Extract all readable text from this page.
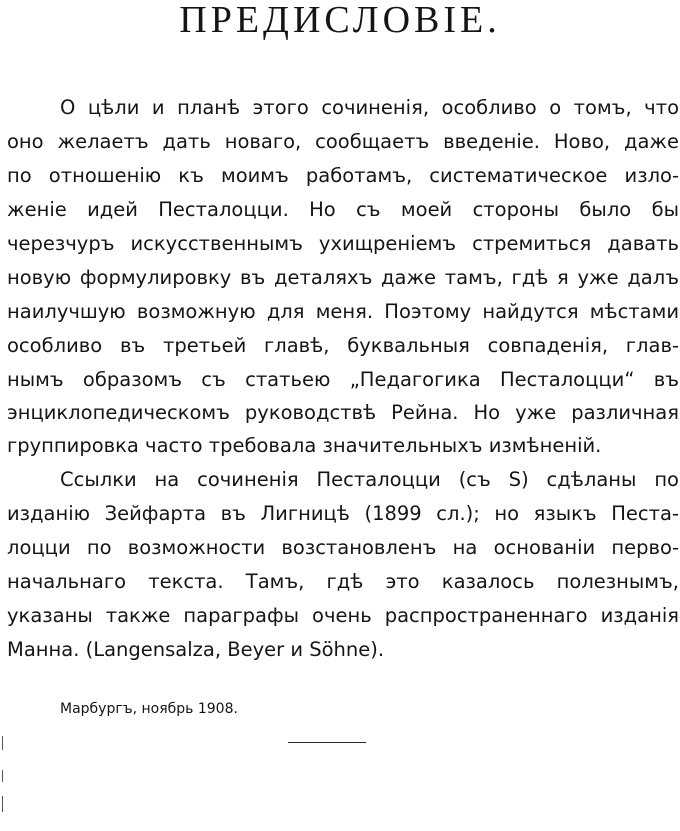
ПРЕДИСЛОВІЕ.
О цѣли и планѣ этого сочиненія, особливо о томъ, что
оно желаетъ дать новаго, сообщаетъ введеніе. Ново, даже
по отношенію къ моимъ работамъ, систематическое изло-
женіе идей Песталоцци. Но съ моей стороны было бы
черезчуръ искусственнымъ ухищреніемъ стремиться давать
новую формулировку въ деталяхъ даже тамъ, гдѣ я уже далъ
наилучшую возможную для меня. Поэтому найдутся мѣстами
особливо въ третьей главѣ, буквальныя совпаденія, глав-
нымъ образомъ съ статьею „Педагогика Песталоцци“ въ
энциклопедическомъ руководствѣ Рейна. Но уже различная
группировка часто требовала значительныхъ измѣненій.
Ссылки на сочиненія Песталоцци (съ S) сдѣланы по
изданію Зейфарта въ Лигницѣ (1899 сл.); но языкъ Песта-
лоцци по возможности возстановленъ на основаніи перво-
начальнаго текста. Тамъ, гдѣ это казалось полезнымъ,
указаны также параграфы очень распространеннаго изданія
Манна. (Langensalza, Beyer и Söhne).
Марбургъ, ноябрь 1908.
